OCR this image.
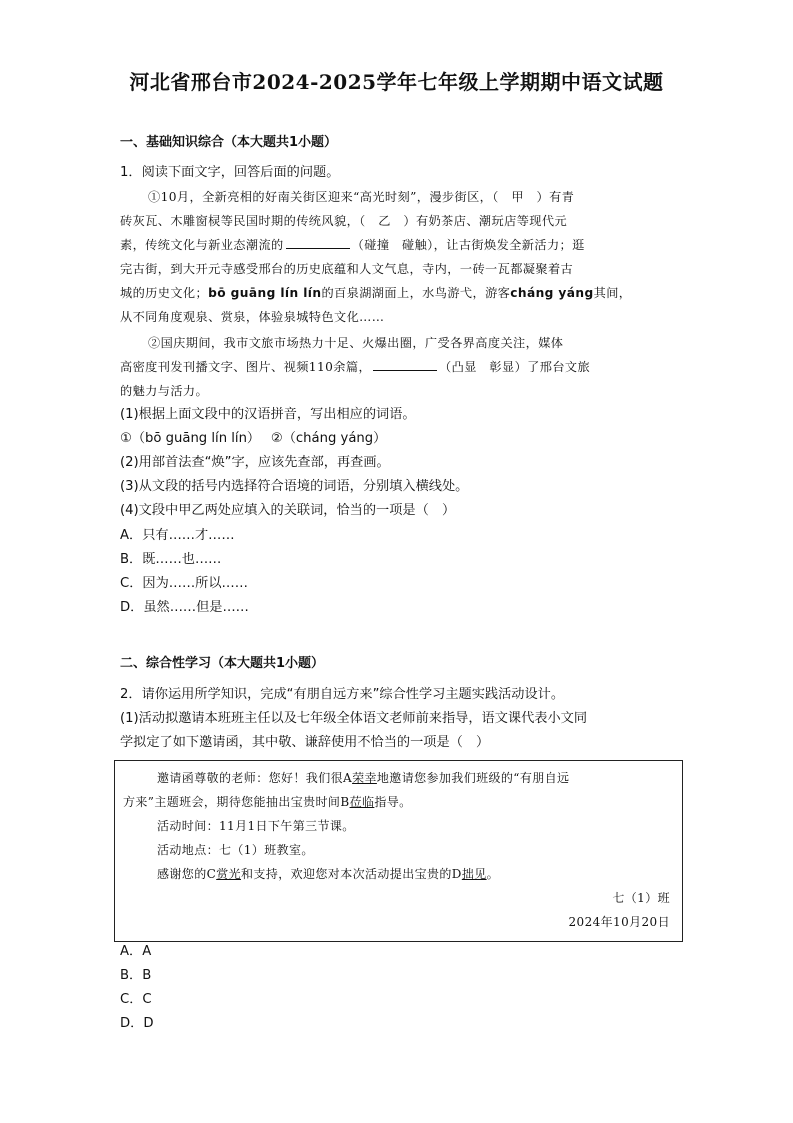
河北省邢台市2024-2025学年七年级上学期期中语文试题
一、基础知识综合（本大题共1小题）
1．阅读下面文字，回答后面的问题。
①10月，全新亮相的好南关街区迎来“高光时刻”，漫步街区，（　甲　）有青
砖灰瓦、木雕窗棂等民国时期的传统风貌，（　乙　）有奶茶店、潮玩店等现代元
素，传统文化与新业态潮流的	（碰撞　碰触），让古街焕发全新活力；逛
完古街，到大开元寺感受邢台的历史底蕴和人文气息，寺内，一砖一瓦都凝聚着古
城的历史文化；bō guāng lín lín的百泉湖湖面上，水鸟游弋，游客cháng yáng其间，
从不同角度观泉、赏泉，体验泉城特色文化……
②国庆期间，我市文旅市场热力十足、火爆出圈，广受各界高度关注，媒体
高密度刊发刊播文字、图片、视频110余篇，	（凸显　彰显）了邢台文旅
的魅力与活力。
(1)根据上面文段中的汉语拼音，写出相应的词语。
①（bō guāng lín lín）　 ②（cháng yáng）
(2)用部首法查“焕”字，应该先查部，再查画。
(3)从文段的括号内选择符合语境的词语，分别填入横线处。
(4)文段中甲乙两处应填入的关联词，恰当的一项是（　）
A．只有……才……
B．既……也……
C．因为……所以……
D．虽然……但是……
二、综合性学习（本大题共1小题）
2．请你运用所学知识，完成“有朋自远方来”综合性学习主题实践活动设计。
(1)活动拟邀请本班班主任以及七年级全体语文老师前来指导，语文课代表小文同
学拟定了如下邀请函，其中敬、谦辞使用不恰当的一项是（　）
邀请函尊敬的老师：您好！我们很A荣幸地邀请您参加我们班级的“有朋自远
方来”主题班会，期待您能抽出宝贵时间B莅临指导。
活动时间：11月1日下午第三节课。
活动地点：七（1）班教室。
感谢您的C赏光和支持，欢迎您对本次活动提出宝贵的D拙见。
七（1）班
2024年10月20日
A．A
B．B
C．C
D．D
